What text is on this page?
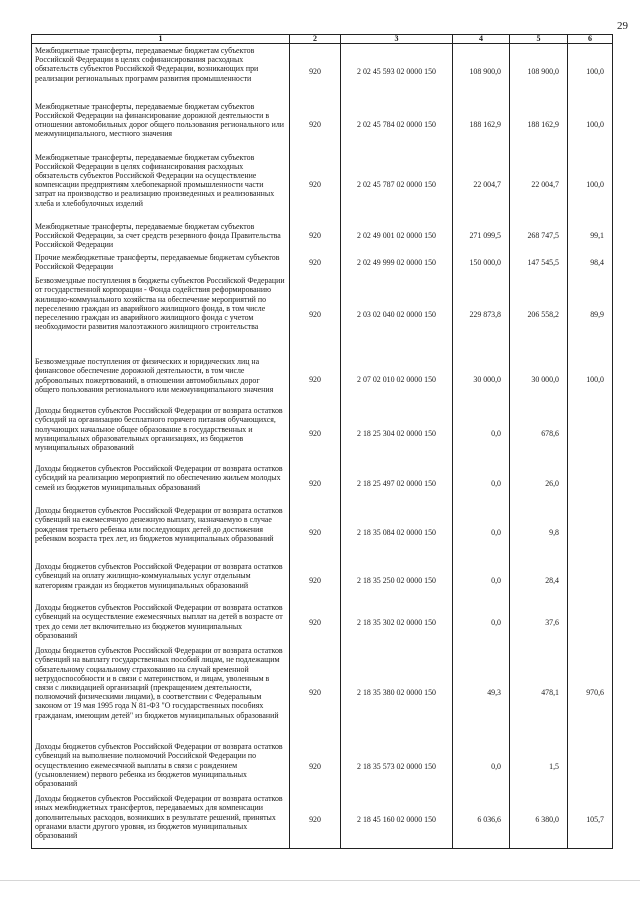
29
1	2	3	4	5	6
Межбюджетные трансферты, передаваемые бюджетам субъектов Российской Федерации в целях софинансирования расходных обязательств субъектов Российской Федерации, возникающих при реализации региональных программ развития промышленности	920	2 02 45 593 02 0000 150	108 900,0	108 900,0	100,0
Межбюджетные трансферты, передаваемые бюджетам субъектов Российской Федерации на финансирование дорожной деятельности в отношении автомобильных дорог общего пользования регионального или межмуниципального, местного значения	920	2 02 45 784 02 0000 150	188 162,9	188 162,9	100,0
Межбюджетные трансферты, передаваемые бюджетам субъектов Российской Федерации в целях софинансирования расходных обязательств субъектов Российской Федерации на осуществление компенсации предприятиям хлебопекарной промышленности части затрат на производство и реализацию произведенных и реализованных хлеба и хлебобулочных изделий	920	2 02 45 787 02 0000 150	22 004,7	22 004,7	100,0
Межбюджетные трансферты, передаваемые бюджетам субъектов Российской Федерации, за счет средств резервного фонда Правительства Российской Федерации	920	2 02 49 001 02 0000 150	271 099,5	268 747,5	99,1
Прочие межбюджетные трансферты, передаваемые бюджетам субъектов Российской Федерации	920	2 02 49 999 02 0000 150	150 000,0	147 545,5	98,4
Безвозмездные поступления в бюджеты субъектов Российской Федерации от государственной корпорации - Фонда содействия реформированию жилищно-коммунального хозяйства на обеспечение мероприятий по переселению граждан из аварийного жилищного фонда, в том числе переселению граждан из аварийного жилищного фонда с учетом необходимости развития малоэтажного жилищного строительства	920	2 03 02 040 02 0000 150	229 873,8	206 558,2	89,9
Безвозмездные поступления от физических и юридических лиц на финансовое обеспечение дорожной деятельности, в том числе добровольных пожертвований, в отношении автомобильных дорог общего пользования регионального или межмуниципального значения	920	2 07 02 010 02 0000 150	30 000,0	30 000,0	100,0
Доходы бюджетов субъектов Российской Федерации от возврата остатков субсидий на организацию бесплатного горячего питания обучающихся, получающих начальное общее образование в государственных и муниципальных образовательных организациях, из бюджетов муниципальных образований	920	2 18 25 304 02 0000 150	0,0	678,6	
Доходы бюджетов субъектов Российской Федерации от возврата остатков субсидий на реализацию мероприятий по обеспечению жильем молодых семей из бюджетов муниципальных образований	920	2 18 25 497 02 0000 150	0,0	26,0	
Доходы бюджетов субъектов Российской Федерации от возврата остатков субвенций на ежемесячную денежную выплату, назначаемую в случае рождения третьего ребенка или последующих детей до достижения ребенком возраста трех лет, из бюджетов муниципальных образований	920	2 18 35 084 02 0000 150	0,0	9,8	
Доходы бюджетов субъектов Российской Федерации от возврата остатков субвенций на оплату жилищно-коммунальных услуг отдельным категориям граждан из бюджетов муниципальных образований	920	2 18 35 250 02 0000 150	0,0	28,4	
Доходы бюджетов субъектов Российской Федерации от возврата остатков субвенций на осуществление ежемесячных выплат на детей в возрасте от трех до семи лет включительно из бюджетов муниципальных образований	920	2 18 35 302 02 0000 150	0,0	37,6	
Доходы бюджетов субъектов Российской Федерации от возврата остатков субвенций на выплату государственных пособий лицам, не подлежащим обязательному социальному страхованию на случай временной нетрудоспособности и в связи с материнством, и лицам, уволенным в связи с ликвидацией организаций (прекращением деятельности, полномочий физическими лицами), в соответствии с Федеральным законом от 19 мая 1995 года N 81-ФЗ "О государственных пособиях гражданам, имеющим детей" из бюджетов муниципальных образований	920	2 18 35 380 02 0000 150	49,3	478,1	970,6
Доходы бюджетов субъектов Российской Федерации от возврата остатков субвенций на выполнение полномочий Российской Федерации по осуществлению ежемесячной выплаты в связи с рождением (усыновлением) первого ребенка из бюджетов муниципальных образований	920	2 18 35 573 02 0000 150	0,0	1,5	
Доходы бюджетов субъектов Российской Федерации от возврата остатков иных межбюджетных трансфертов, передаваемых для компенсации дополнительных расходов, возникших в результате решений, принятых органами власти другого уровня, из бюджетов муниципальных образований	920	2 18 45 160 02 0000 150	6 036,6	6 380,0	105,7
